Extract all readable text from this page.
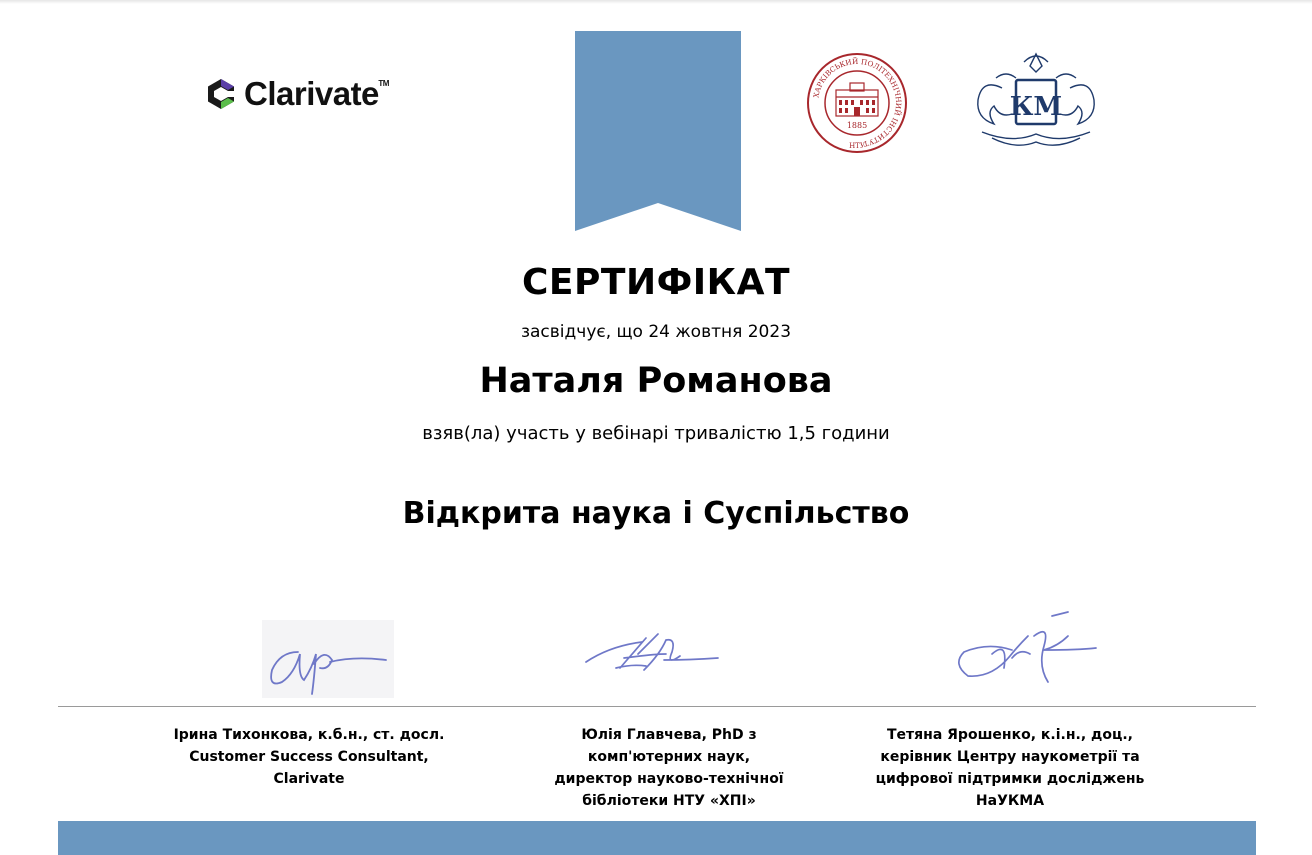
Clarivate TM
ХАРКІВСЬКИЙ ПОЛІТЕХНІЧНИЙ ІНСТИТУТ
1885
НТУ
КМ
СЕРТИФІКАТ
засвідчує, що 24 жовтня 2023
Наталя Романова
взяв(ла) участь у вебінарі тривалістю 1,5 години
Відкрита наука і Суспільство
Ірина Тихонкова, к.б.н., ст. досл.
Customer Success Consultant,
Clarivate
Юлія Главчева, PhD з
комп'ютерних наук,
директор науково-технічної
бібліотеки НТУ «ХПІ»
Тетяна Ярошенко, к.і.н., доц.,
керівник Центру наукометрії та
цифрової підтримки досліджень
НаУКМА
